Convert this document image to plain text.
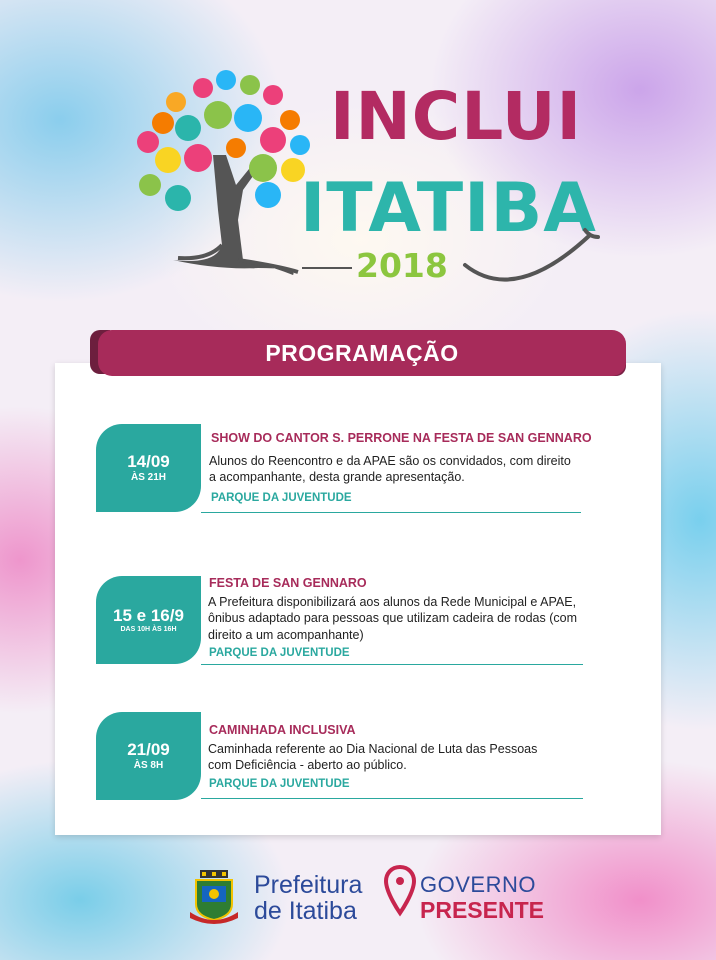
INCLUI
ITATIBA
2018
PROGRAMAÇÃO
14/09
ÀS 21H
SHOW DO CANTOR S. PERRONE NA FESTA DE SAN GENNARO
Alunos do Reencontro e da APAE são os convidados, com direito
a acompanhante, desta grande apresentação.
PARQUE DA JUVENTUDE
15 e 16/9
DAS 10H ÀS 16H
FESTA DE SAN GENNARO
A Prefeitura disponibilizará aos alunos da Rede Municipal e APAE,
ônibus adaptado para pessoas que utilizam cadeira de rodas (com
direito a um acompanhante)
PARQUE DA JUVENTUDE
21/09
ÀS 8H
CAMINHADA INCLUSIVA
Caminhada referente ao Dia Nacional de Luta das Pessoas
com Deficiência - aberto ao público.
PARQUE DA JUVENTUDE
Prefeitura
de Itatiba
GOVERNO
PRESENTE
